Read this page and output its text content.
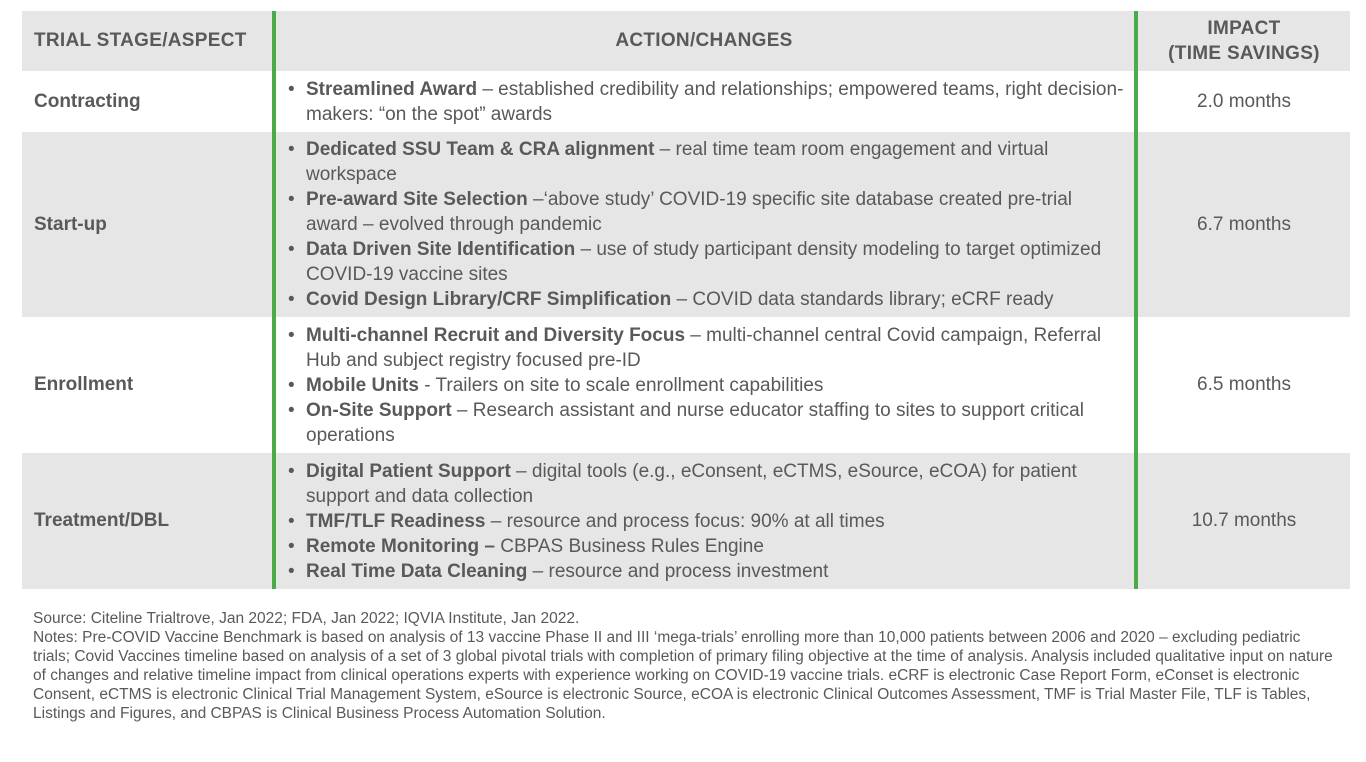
TRIAL STAGE/ASPECT	ACTION/CHANGES
IMPACT
(TIME SAVINGS)
Contracting
• Streamlined Award – established credibility and relationships; empowered teams, right decision-makers: “on the spot” awards
2.0 months
Start-up
• Dedicated SSU Team & CRA alignment – real time team room engagement and virtual workspace
• Pre-award Site Selection –‘above study’ COVID-19 specific site database created pre-trial award – evolved through pandemic
• Data Driven Site Identification – use of study participant density modeling to target optimized COVID-19 vaccine sites
• Covid Design Library/CRF Simplification – COVID data standards library; eCRF ready
6.7 months
Enrollment
• Multi-channel Recruit and Diversity Focus – multi-channel central Covid campaign, Referral Hub and subject registry focused pre-ID
• Mobile Units - Trailers on site to scale enrollment capabilities
• On-Site Support – Research assistant and nurse educator staffing to sites to support critical operations
6.5 months
Treatment/DBL
• Digital Patient Support – digital tools (e.g., eConsent, eCTMS, eSource, eCOA) for patient support and data collection
• TMF/TLF Readiness – resource and process focus: 90% at all times
• Remote Monitoring – CBPAS Business Rules Engine
• Real Time Data Cleaning – resource and process investment
10.7 months

Source: Citeline Trialtrove, Jan 2022; FDA, Jan 2022; IQVIA Institute, Jan 2022.

Notes: Pre-COVID Vaccine Benchmark is based on analysis of 13 vaccine Phase II and III ‘mega-trials’ enrolling more than 10,000 patients between 2006 and 2020 – excluding pediatric trials; Covid Vaccines timeline based on analysis of a set of 3 global pivotal trials with completion of primary filing objective at the time of analysis. Analysis included qualitative input on nature of changes and relative timeline impact from clinical operations experts with experience working on COVID-19 vaccine trials. eCRF is electronic Case Report Form, eConset is electronic Consent, eCTMS is electronic Clinical Trial Management System, eSource is electronic Source, eCOA is electronic Clinical Outcomes Assessment, TMF is Trial Master File, TLF is Tables, Listings and Figures, and CBPAS is Clinical Business Process Automation Solution.
